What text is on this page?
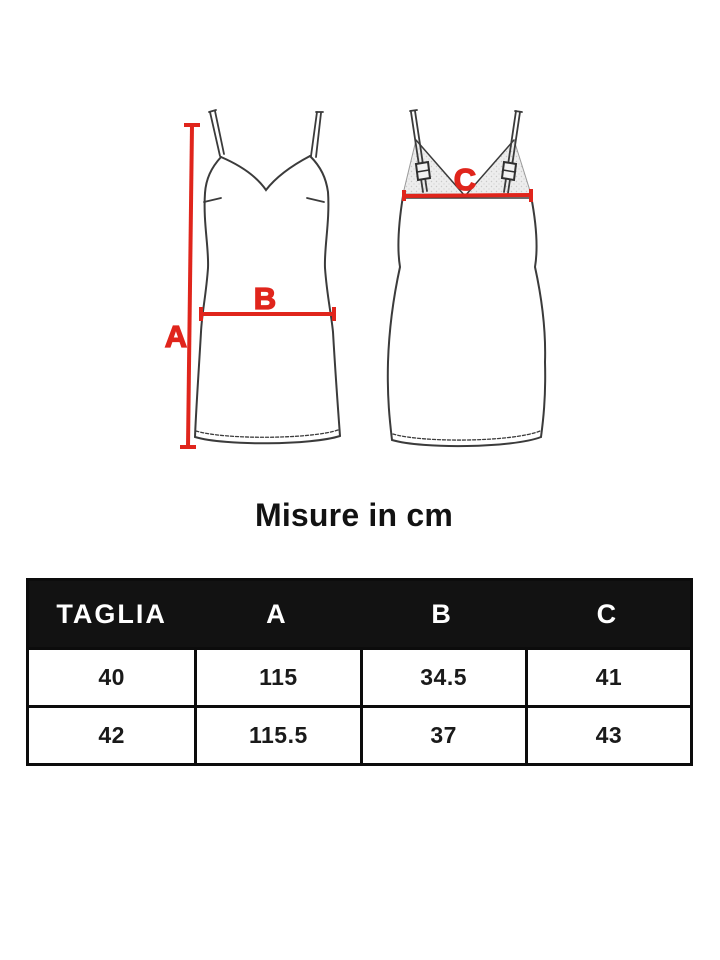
A
B
C
Misure in cm
TAGLIA	A	B	C
40	115	34.5	41
42	115.5	37	43
